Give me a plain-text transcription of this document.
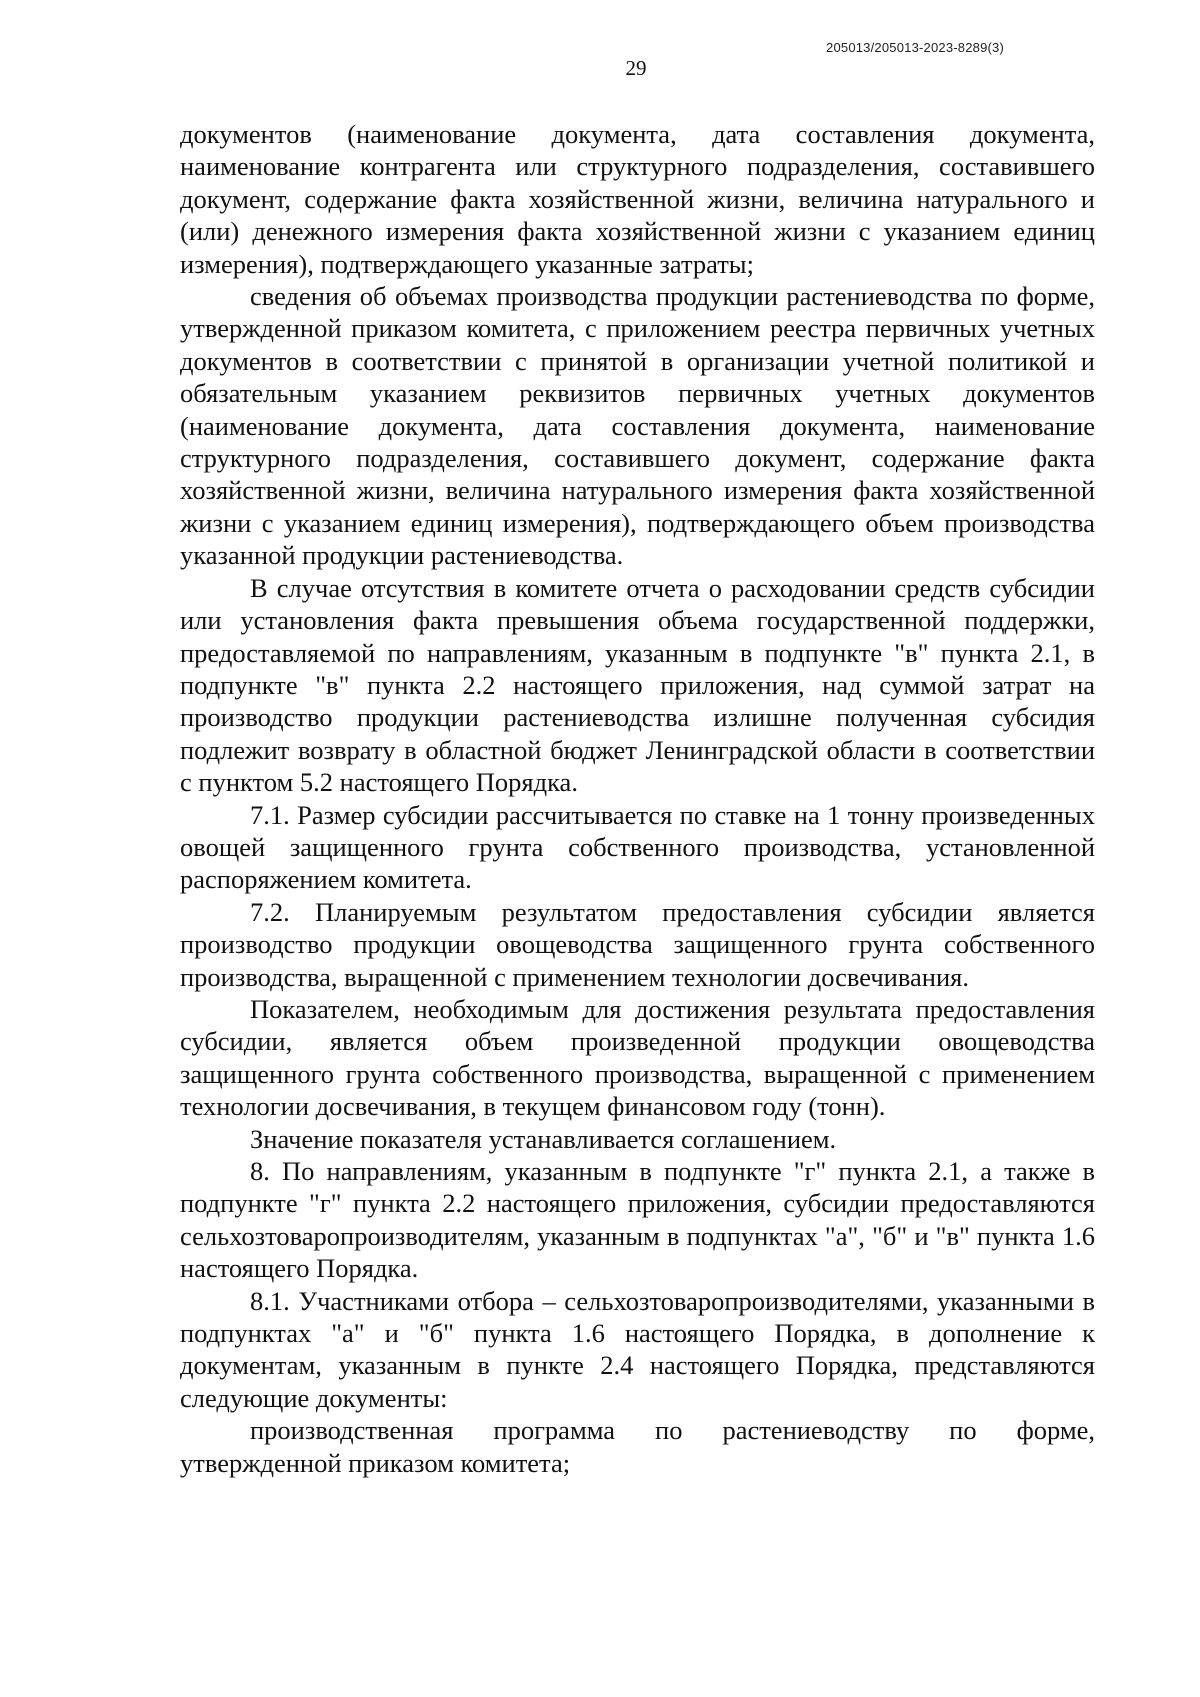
205013/205013-2023-8289(3)
29

документов (наименование документа, дата составления документа, наименование контрагента или структурного подразделения, составившего документ, содержание факта хозяйственной жизни, величина натурального и (или) денежного измерения факта хозяйственной жизни с указанием единиц измерения), подтверждающего указанные затраты;

сведения об объемах производства продукции растениеводства по форме, утвержденной приказом комитета, с приложением реестра первичных учетных документов в соответствии с принятой в организации учетной политикой и обязательным указанием реквизитов первичных учетных документов (наименование документа, дата составления документа, наименование структурного подразделения, составившего документ, содержание факта хозяйственной жизни, величина натурального измерения факта хозяйственной жизни с указанием единиц измерения), подтверждающего объем производства указанной продукции растениеводства.

В случае отсутствия в комитете отчета о расходовании средств субсидии или установления факта превышения объема государственной поддержки, предоставляемой по направлениям, указанным в подпункте "в" пункта 2.1, в подпункте "в" пункта 2.2 настоящего приложения, над суммой затрат на производство продукции растениеводства излишне полученная субсидия подлежит возврату в областной бюджет Ленинградской области в соответствии с пунктом 5.2 настоящего Порядка.

7.1. Размер субсидии рассчитывается по ставке на 1 тонну произведенных овощей защищенного грунта собственного производства, установленной распоряжением комитета.

7.2. Планируемым результатом предоставления субсидии является производство продукции овощеводства защищенного грунта собственного производства, выращенной с применением технологии досвечивания.

Показателем, необходимым для достижения результата предоставления субсидии, является объем произведенной продукции овощеводства защищенного грунта собственного производства, выращенной с применением технологии досвечивания, в текущем финансовом году (тонн).

Значение показателя устанавливается соглашением.

8. По направлениям, указанным в подпункте "г" пункта 2.1, а также в подпункте "г" пункта 2.2 настоящего приложения, субсидии предоставляются сельхозтоваропроизводителям, указанным в подпунктах "а", "б" и "в" пункта 1.6 настоящего Порядка.

8.1. Участниками отбора – сельхозтоваропроизводителями, указанными в подпунктах "а" и "б" пункта 1.6 настоящего Порядка, в дополнение к документам, указанным в пункте 2.4 настоящего Порядка, представляются следующие документы:

производственная программа по растениеводству по форме, утвержденной приказом комитета;
